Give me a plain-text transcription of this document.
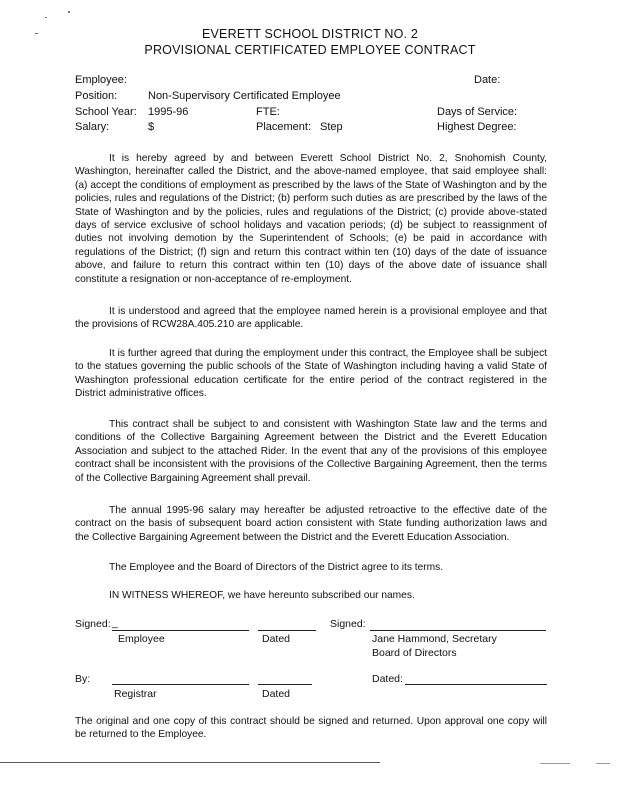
EVERETT SCHOOL DISTRICT NO. 2
PROVISIONAL CERTIFICATED EMPLOYEE CONTRACT
Employee:	Date:
Position:	Non-Supervisory Certificated Employee
School Year: 1995-96	FTE:	Days of Service:
Salary:	$	Placement: Step	Highest Degree:

It is hereby agreed by and between Everett School District No. 2, Snohomish County, Washington, hereinafter called the District, and the above-named employee, that said employee shall: (a) accept the conditions of employment as prescribed by the laws of the State of Washington and by the policies, rules and regulations of the District; (b) perform such duties as are prescribed by the laws of the State of Washington and by the policies, rules and regulations of the District; (c) provide above-stated days of service exclusive of school holidays and vacation periods; (d) be subject to reassignment of duties not involving demotion by the Superintendent of Schools; (e) be paid in accordance with regulations of the District; (f) sign and return this contract within ten (10) days of the date of issuance above, and failure to return this contract within ten (10) days of the above date of issuance shall constitute a resignation or non-acceptance of re-employment.

It is understood and agreed that the employee named herein is a provisional employee and that the provisions of RCW28A.405.210 are applicable.

It is further agreed that during the employment under this contract, the Employee shall be subject to the statues governing the public schools of the State of Washington including having a valid State of Washington professional education certificate for the entire period of the contract registered in the District administrative offices.

This contract shall be subject to and consistent with Washington State law and the terms and conditions of the Collective Bargaining Agreement between the District and the Everett Education Association and subject to the attached Rider. In the event that any of the provisions of this employee contract shall be inconsistent with the provisions of the Collective Bargaining Agreement, then the terms of the Collective Bargaining Agreement shall prevail.

The annual 1995-96 salary may hereafter be adjusted retroactive to the effective date of the contract on the basis of subsequent board action consistent with State funding authorization laws and the Collective Bargaining Agreement between the District and the Everett Education Association.

The Employee and the Board of Directors of the District agree to its terms.

IN WITNESS WHEREOF, we have hereunto subscribed our names.

Signed: _
Employee	Dated
Signed:
Jane Hammond, Secretary
Board of Directors
By:
Registrar	Dated
Dated:

The original and one copy of this contract should be signed and returned. Upon approval one copy will be returned to the Employee.
